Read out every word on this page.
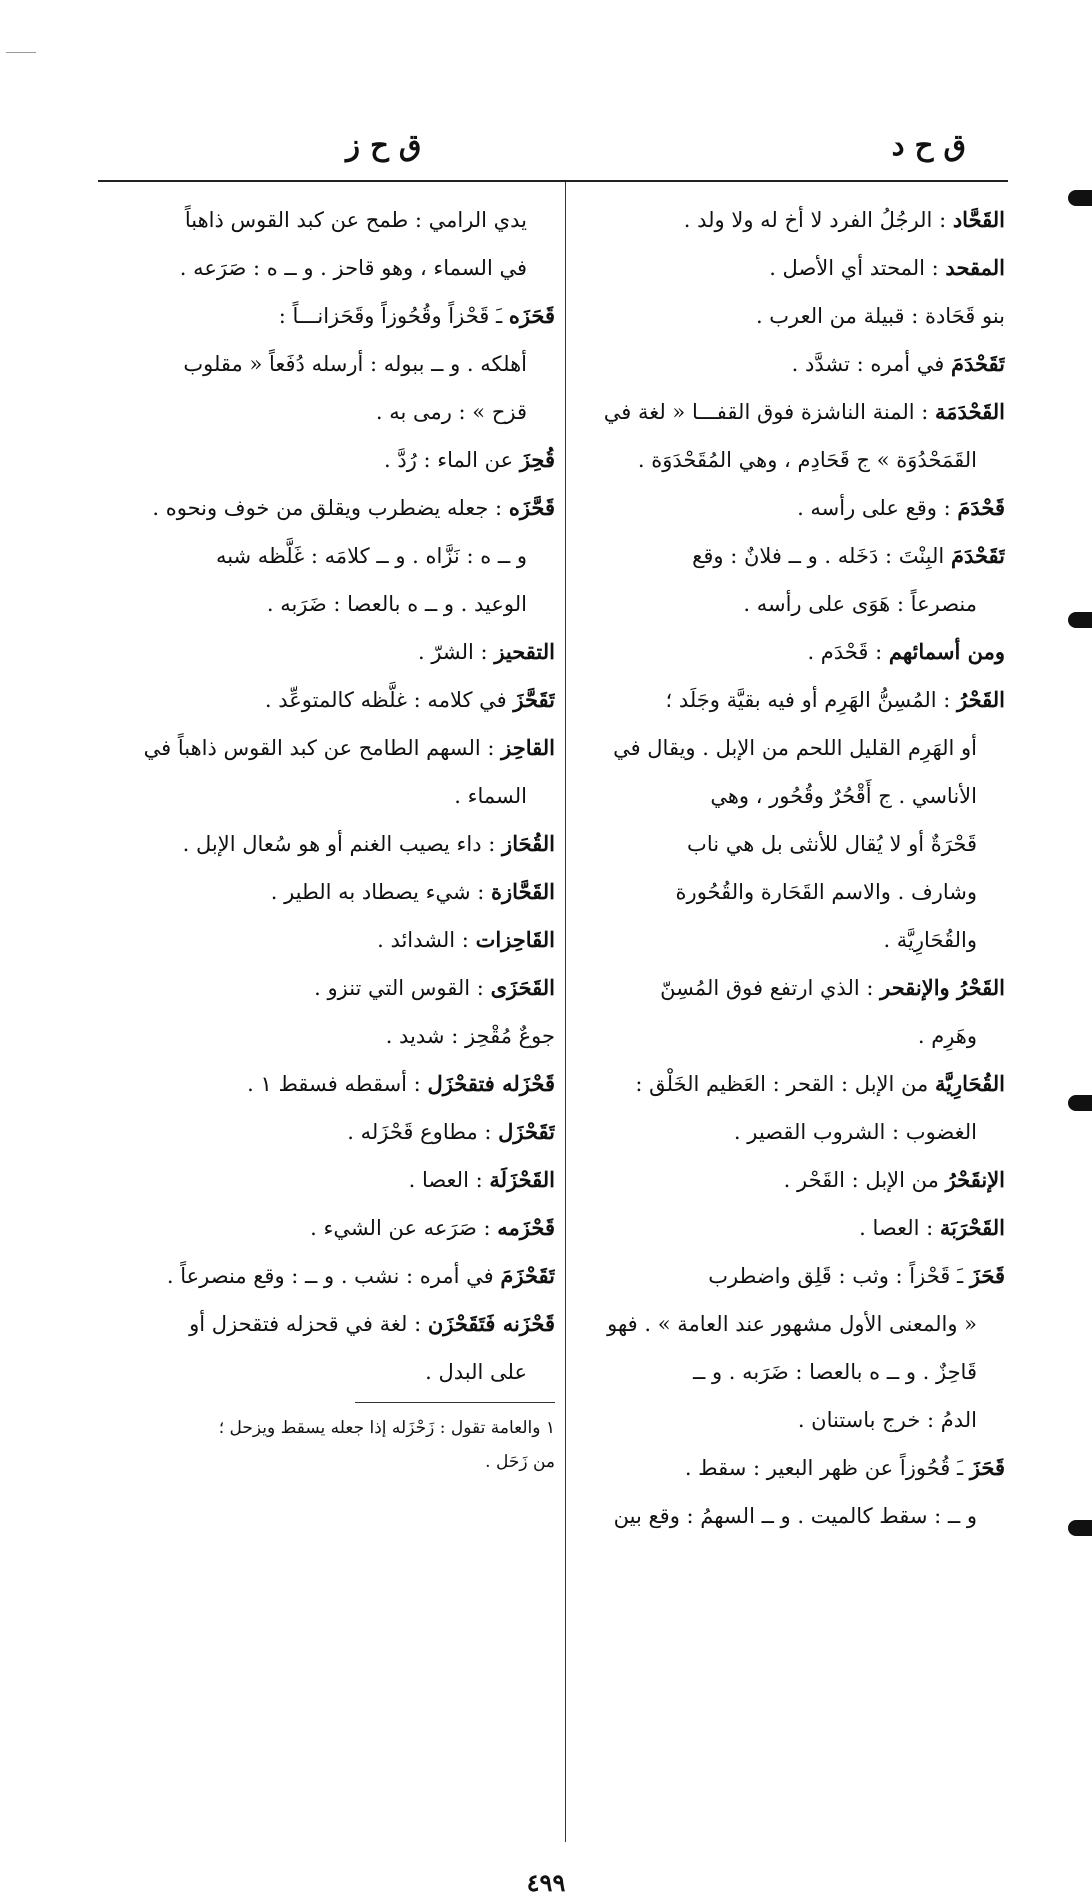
ق ح د
ق ح ز
القَحَّاد : الرجُلُ الفرد لا أخ له ولا ولد .
المقحد : المحتد أي الأصل .
بنو قَحَادة : قبيلة من العرب .
تَقَحْدَمَ في أمره : تشدَّد .
القَحْدَمَة : المنة الناشزة فوق القفـــا « لغة في
القَمَحْدُوَة » ج قَحَادِم ، وهي المُقَحْدَوَة .
قَحْدَمَ : وقع على رأسه .
تَقَحْدَمَ البِنْتَ : دَخَله . و ــ فلانٌ : وقع
منصرعاً : هَوَى على رأسه .
ومن أسمائهم : قَحْدَم .
القَحْرُ : المُسِنُّ الهَرِم أو فيه بقيَّة وجَلَد ؛
أو الهَرِم القليل اللحم من الإبل . ويقال في
الأناسي . ج أَقْحُرٌ وقُحُور ، وهي
قَحْرَةٌ أو لا يُقال للأنثى بل هي ناب
وشارف . والاسم القَحَارة والقُحُورة
والقُحَارِيَّة .
القَحْرُ والإنقحر : الذي ارتفع فوق المُسِنّ
وهَرِم .
القُحَارِيَّة من الإبل : القحر : العَظيم الخَلْق :
الغضوب : الشروب القصير .
الإنقَحْرُ من الإبل : القَحْر .
القَحْرَبَة : العصا .
قَحَزَ ـَ قَحْزاً : وثب : قَلِق واضطرب
« والمعنى الأول مشهور عند العامة » . فهو
قَاحِزٌ . و ــ ه بالعصا : ضَرَبه . و ــ
الدمُ : خرج باستنان .
قَحَزَ ـَ قُحُوزاً عن ظهر البعير : سقط .
و ــ : سقط كالميت . و ــ السهمُ : وقع بين
يدي الرامي : طمح عن كبد القوس ذاهباً
في السماء ، وهو قاحز . و ــ ه : صَرَعه .
قَحَزَه ـَ قَحْزاً وقُحُوزاً وقَحَزانـــاً :
أهلكه . و ــ ببوله : أرسله دُفَعاً « مقلوب
قزح » : رمى به .
قُحِزَ عن الماء : رُدَّ .
قَحَّزَه : جعله يضطرب ويقلق من خوف ونحوه .
و ــ ه : نَزَّاه . و ــ كلامَه : غَلَّظه شبه
الوعيد . و ــ ه بالعصا : ضَرَبه .
التقحيز : الشرّ .
تَقَحَّزَ في كلامه : غلَّظه كالمتوعِّد .
القاحِز : السهم الطامح عن كبد القوس ذاهباً في
السماء .
القُحَاز : داء يصيب الغنم أو هو سُعال الإبل .
القَحَّازة : شيء يصطاد به الطير .
القَاحِزات : الشدائد .
القَحَزَى : القوس التي تنزو .
جوعٌ مُقْحِز : شديد .
قَحْزَله فتقحْزَل : أسقطه فسقط ١ .
تَقَحْزَل : مطاوع قَحْزَله .
القَحْزَلَة : العصا .
قَحْزَمه : صَرَعه عن الشيء .
تَقَحْزَمَ في أمره : نشب . و ــ : وقع منصرعاً .
قَحْزَنه فَتَقَحْزَن : لغة في قحزله فتقحزل أو
على البدل .
١ والعامة تقول : زَحْزَله إذا جعله يسقط ويزحل ؛
من زَحَل .
٤٩٩
